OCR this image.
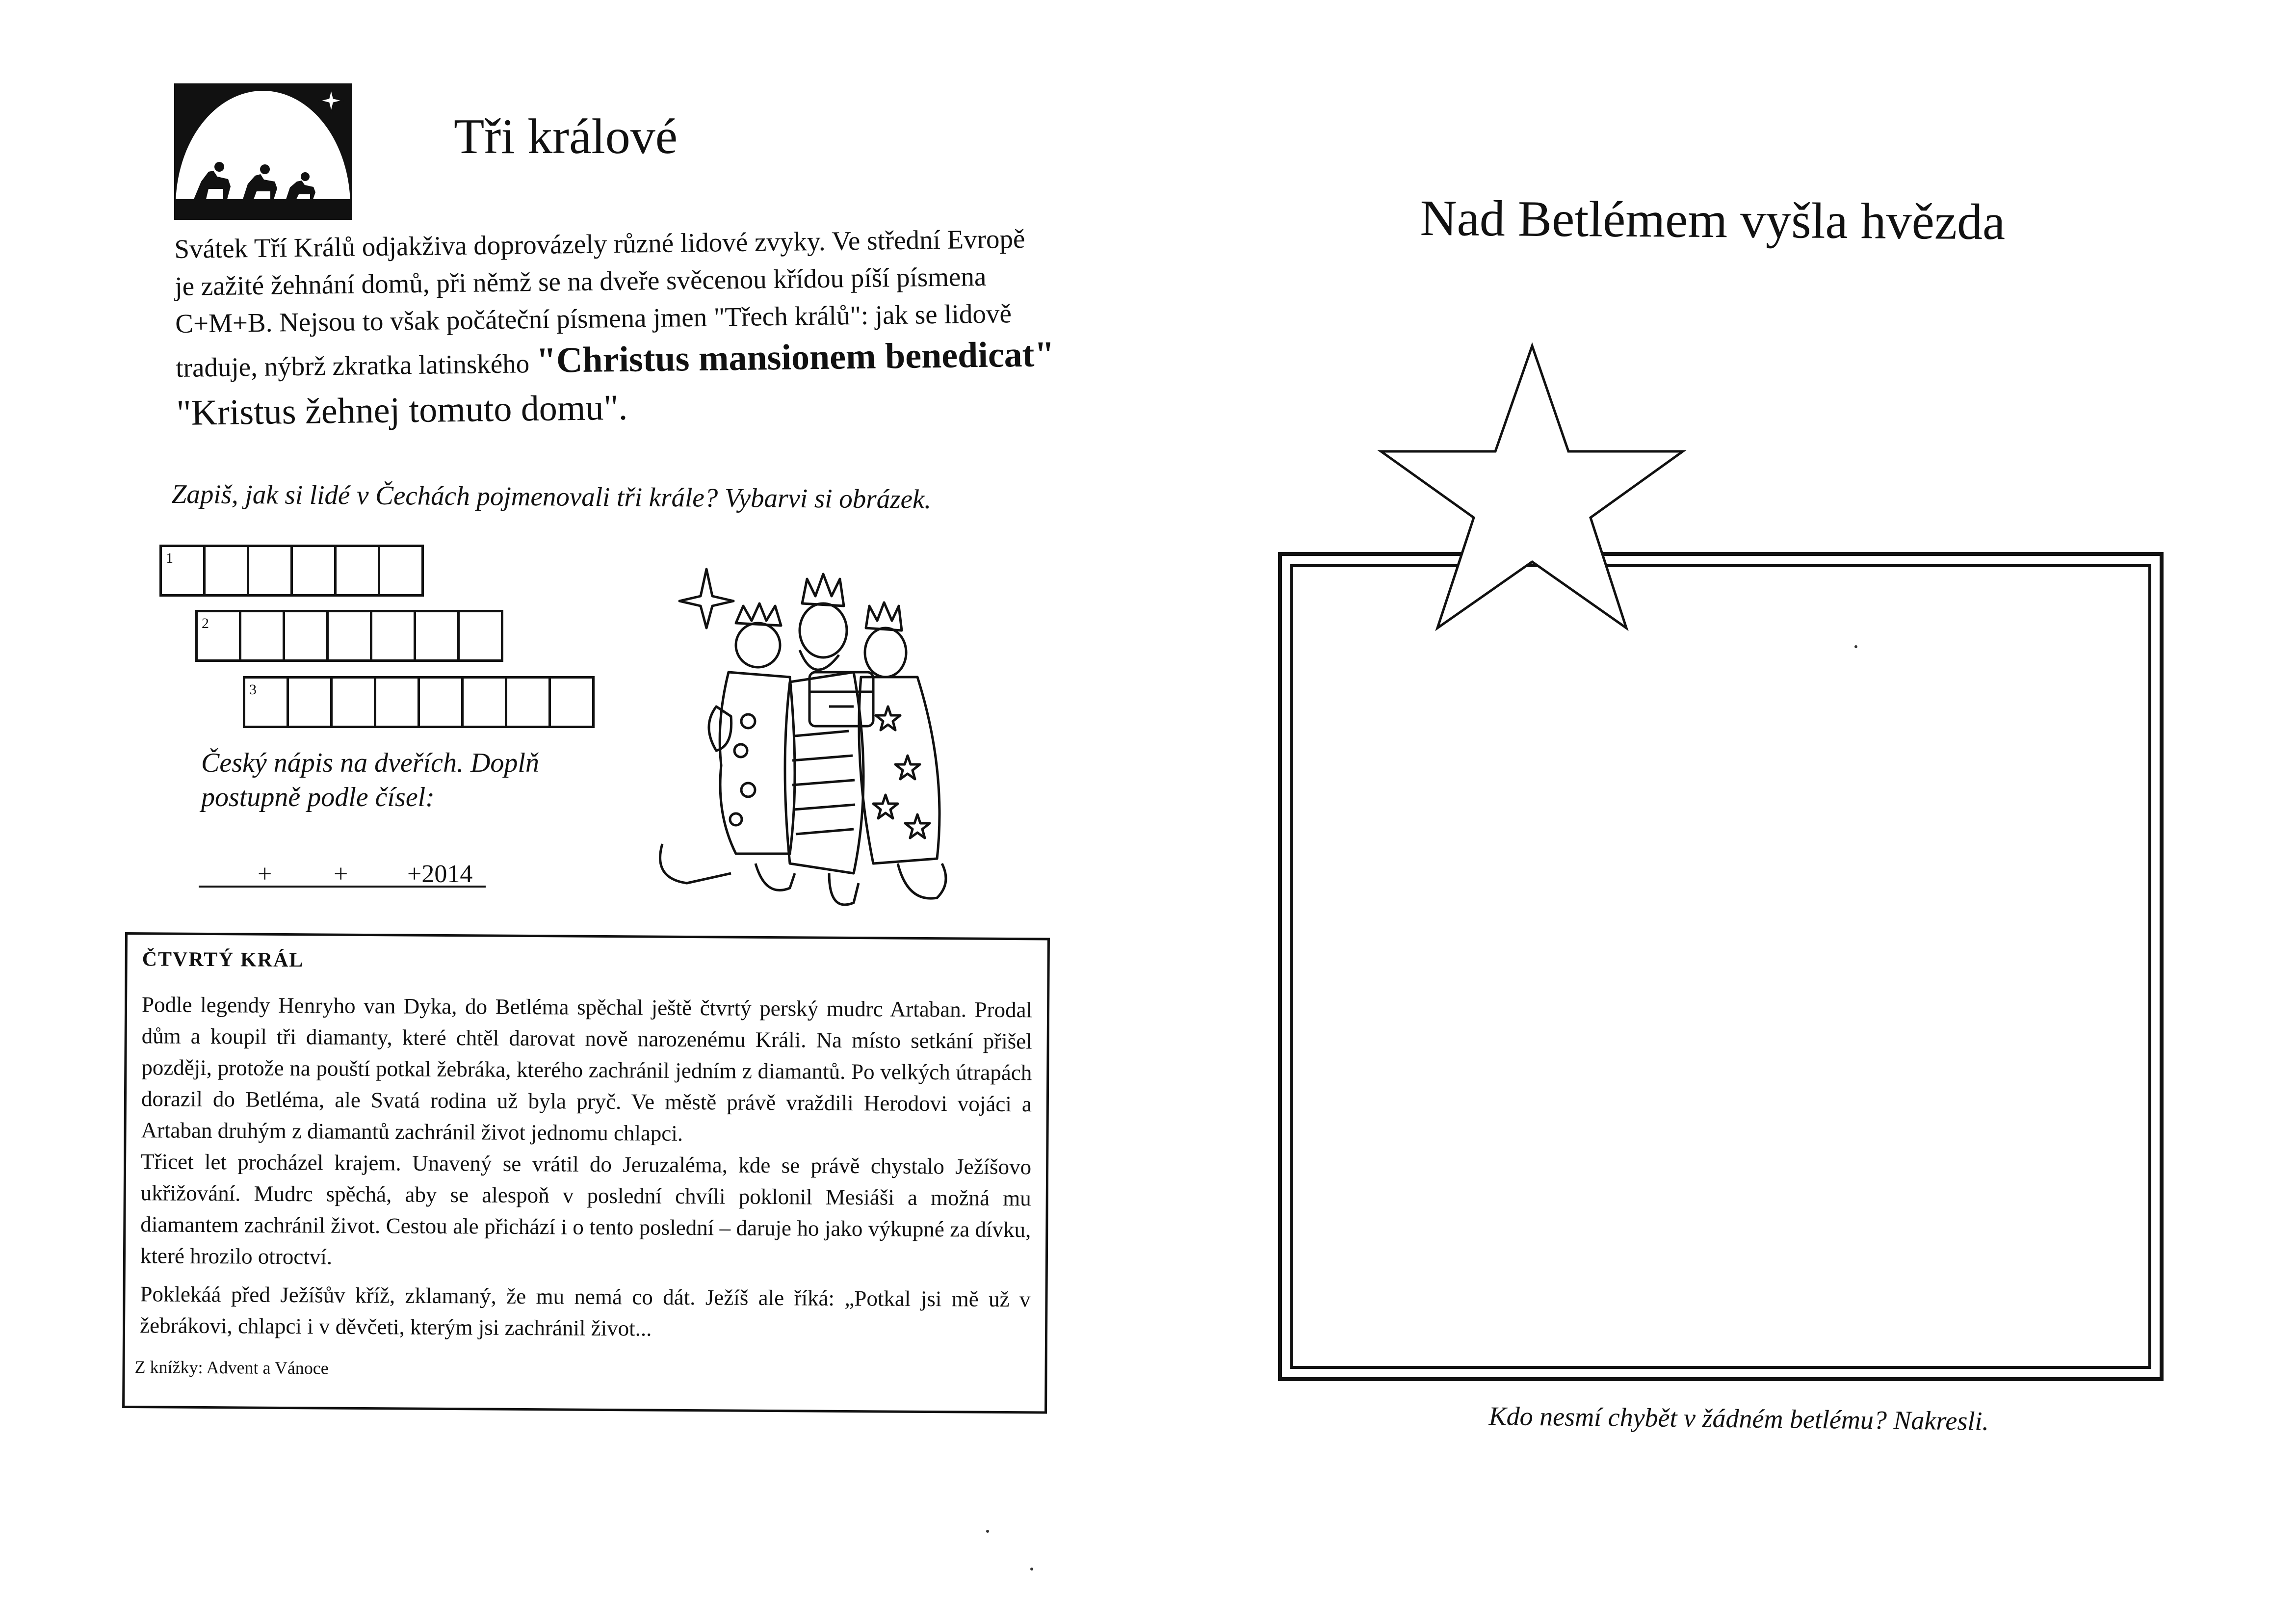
Tři králové
Svátek Tří Králů odjakživa doprovázely různé lidové zvyky. Ve střední Evropě
je zažité žehnání domů, při němž se na dveře svěcenou křídou píší písmena
C+M+B. Nejsou to však počáteční písmena jmen "Třech králů": jak se lidově
traduje, nýbrž zkratka latinského "Christus mansionem benedicat"
"Kristus žehnej tomuto domu".
Zapiš, jak si lidé v Čechách pojmenovali tři krále? Vybarvi si obrázek.
1
2
3
Český nápis na dveřích. Doplň
postupně podle čísel:
+ + +2014
ČTVRTÝ KRÁL
Podle legendy Henryho van Dyka, do Betléma spěchal ještě čtvrtý perský mudrc Artaban. Prodal dům a koupil tři diamanty, které chtěl darovat nově narozenému Králi. Na místo setkání přišel později, protože na pouští potkal žebráka, kterého zachránil jedním z diamantů. Po velkých útrapách dorazil do Betléma, ale Svatá rodina už byla pryč. Ve městě právě vraždili Herodovi vojáci a Artaban druhým z diamantů zachránil život jednomu chlapci.
Třicet let procházel krajem. Unavený se vrátil do Jeruzaléma, kde se právě chystalo Ježíšovo ukřižování. Mudrc spěchá, aby se alespoň v poslední chvíli poklonil Mesiáši a možná mu diamantem zachránil život. Cestou ale přichází i o tento poslední – daruje ho jako výkupné za dívku, které hrozilo otroctví.
Poklekáá před Ježíšův kříž, zklamaný, že mu nemá co dát. Ježíš ale říká: „Potkal jsi mě už v žebrákovi, chlapci i v děvčeti, kterým jsi zachránil život...
Z knížky: Advent a Vánoce
Nad Betlémem vyšla hvězda
Kdo nesmí chybět v žádném betlému? Nakresli.
